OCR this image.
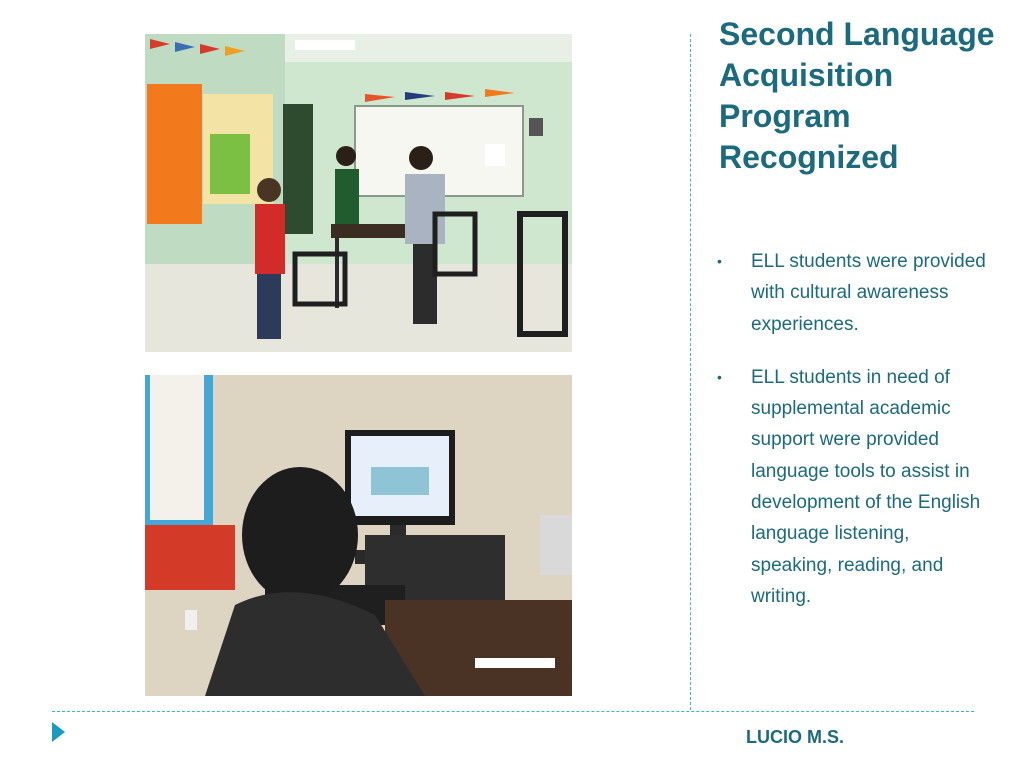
Second Language Acquisition Program Recognized
• ELL students were provided with cultural awareness experiences.
• ELL students in need of supplemental academic support were provided language tools to assist in development of the English language listening, speaking, reading, and writing.
LUCIO M.S.
